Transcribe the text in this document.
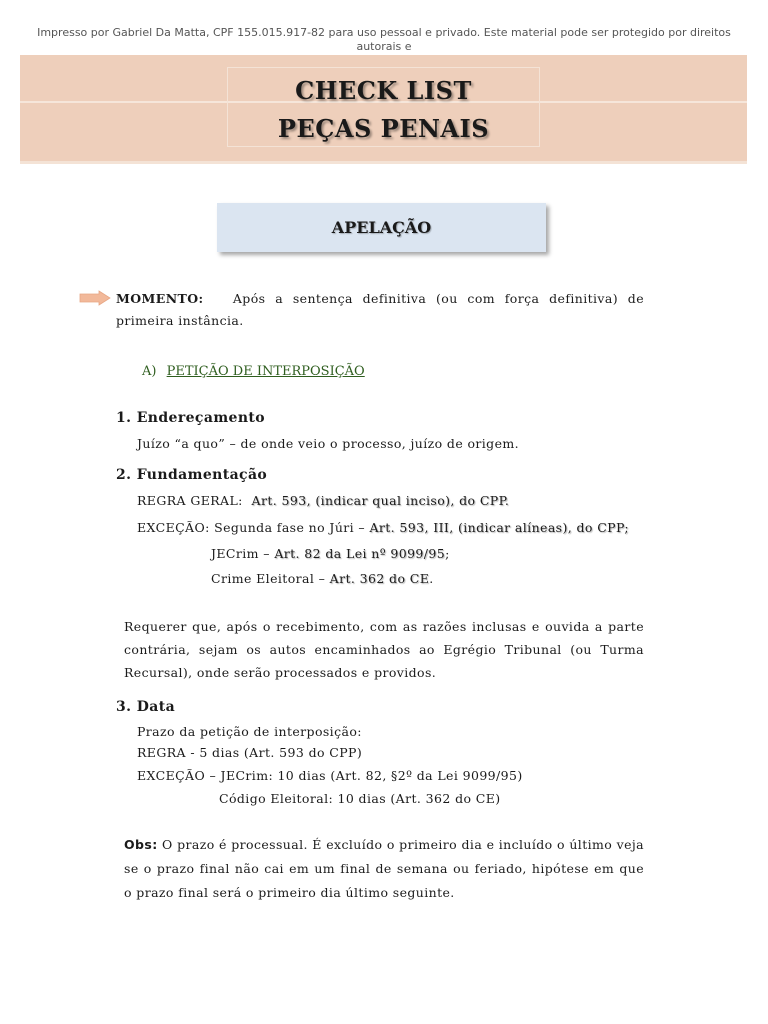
Impresso por Gabriel Da Matta, CPF 155.015.917-82 para uso pessoal e privado. Este material pode ser protegido por direitos autorais e
CHECK LIST
PEÇAS PENAIS
APELAÇÃO
MOMENTO: Após a sentença definitiva (ou com força definitiva) de primeira instância.
A) PETIÇÃO DE INTERPOSIÇÃO
1. Endereçamento
Juízo “a quo” – de onde veio o processo, juízo de origem.
2. Fundamentação
REGRA GERAL: Art. 593, (indicar qual inciso), do CPP.
EXCEÇÃO: Segunda fase no Júri – Art. 593, III, (indicar alíneas), do CPP;
JECrim – Art. 82 da Lei nº 9099/95;
Crime Eleitoral – Art. 362 do CE.
Requerer que, após o recebimento, com as razões inclusas e ouvida a parte contrária, sejam os autos encaminhados ao Egrégio Tribunal (ou Turma Recursal), onde serão processados e providos.
3. Data
Prazo da petição de interposição:
REGRA - 5 dias (Art. 593 do CPP)
EXCEÇÃO – JECrim: 10 dias (Art. 82, §2º da Lei 9099/95)
Código Eleitoral: 10 dias (Art. 362 do CE)
Obs: O prazo é processual. É excluído o primeiro dia e incluído o último veja se o prazo final não cai em um final de semana ou feriado, hipótese em que o prazo final será o primeiro dia último seguinte.
